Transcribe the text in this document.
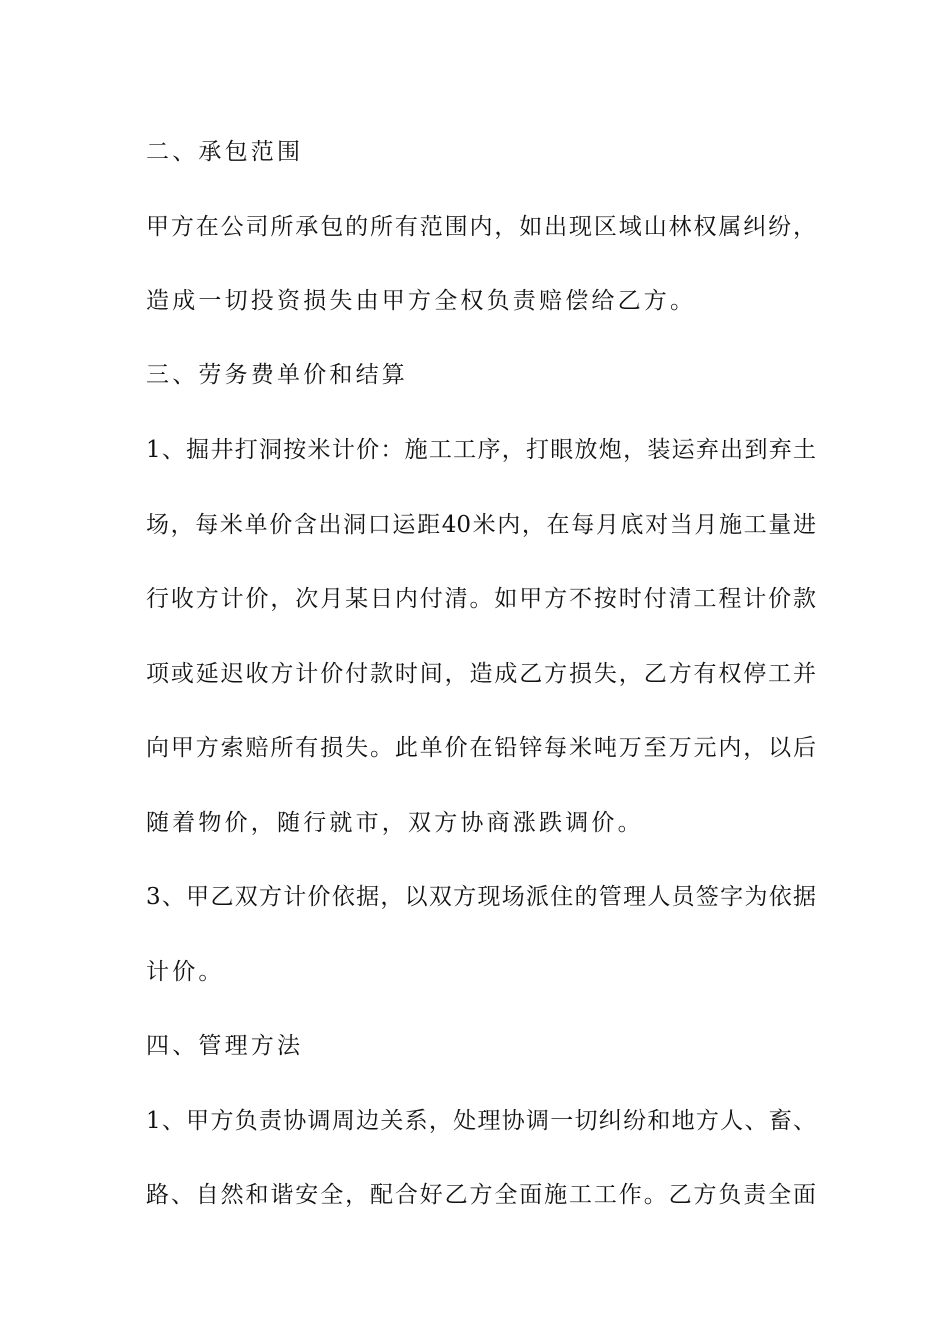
二、承包范围
甲方在公司所承包的所有范围内，如出现区域山林权属纠纷，
造成一切投资损失由甲方全权负责赔偿给乙方。
三、劳务费单价和结算
1、掘井打洞按米计价：施工工序，打眼放炮，装运弃出到弃土
场，每米单价含出洞口运距40米内，在每月底对当月施工量进
行收方计价，次月某日内付清。如甲方不按时付清工程计价款
项或延迟收方计价付款时间，造成乙方损失，乙方有权停工并
向甲方索赔所有损失。此单价在铅锌每米吨万至万元内，以后
随着物价，随行就市，双方协商涨跌调价。
3、甲乙双方计价依据，以双方现场派住的管理人员签字为依据
计价。
四、管理方法
1、甲方负责协调周边关系，处理协调一切纠纷和地方人、畜、
路、自然和谐安全，配合好乙方全面施工工作。乙方负责全面
